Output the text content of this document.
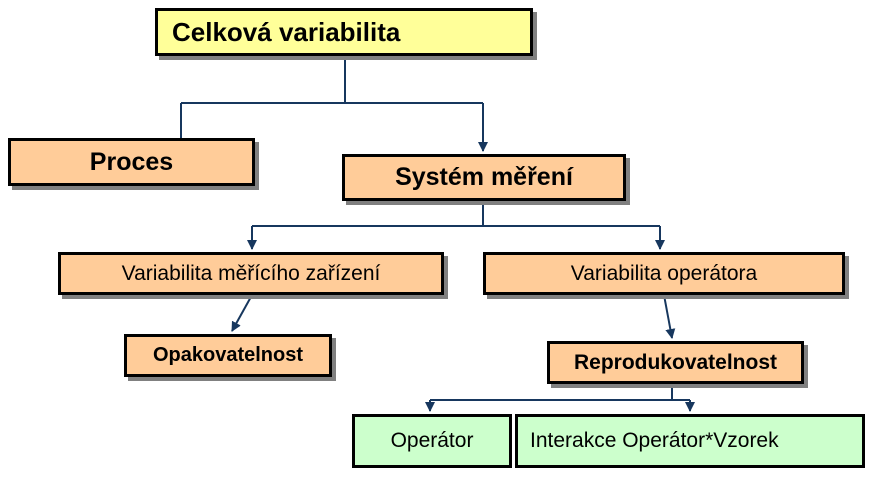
Celková variabilita
Proces
Systém měření
Variabilita měřícího zařízení	Variabilita operátora
Opakovatelnost	Reprodukovatelnost
Operátor	Interakce Operátor*Vzorek
